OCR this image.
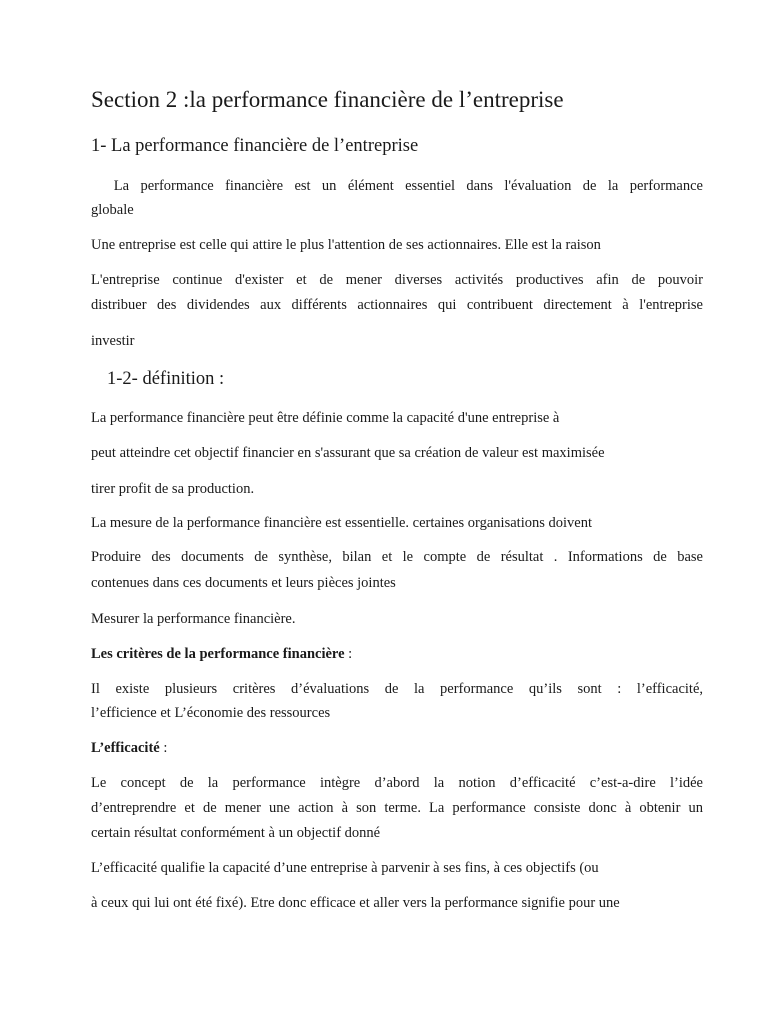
Section 2 :la performance financière de l’entreprise
1- La performance financière de l’entreprise

La performance financière est un élément essentiel dans l'évaluation de la performance

globale

Une entreprise est celle qui attire le plus l'attention de ses actionnaires. Elle est la raison

L'entreprise continue d'exister et de mener diverses activités productives afin de pouvoir

distribuer des dividendes aux différents actionnaires qui contribuent directement à l'entreprise

investir

1-2- définition :

La performance financière peut être définie comme la capacité d'une entreprise à

peut atteindre cet objectif financier en s'assurant que sa création de valeur est maximisée

tirer profit de sa production.

La mesure de la performance financière est essentielle. certaines organisations doivent

Produire des documents de synthèse, bilan et le compte de résultat . Informations de base

contenues dans ces documents et leurs pièces jointes

Mesurer la performance financière.

Les critères de la performance financière :

Il existe plusieurs critères d’évaluations de la performance qu’ils sont : l’efficacité,

l’efficience et L’économie des ressources

L’efficacité :

Le concept de la performance intègre d’abord la notion d’efficacité c’est-a-dire l’idée

d’entreprendre et de mener une action à son terme. La performance consiste donc à obtenir un

certain résultat conformément à un objectif donné

L’efficacité qualifie la capacité d’une entreprise à parvenir à ses fins, à ces objectifs (ou

à ceux qui lui ont été fixé). Etre donc efficace et aller vers la performance signifie pour une
